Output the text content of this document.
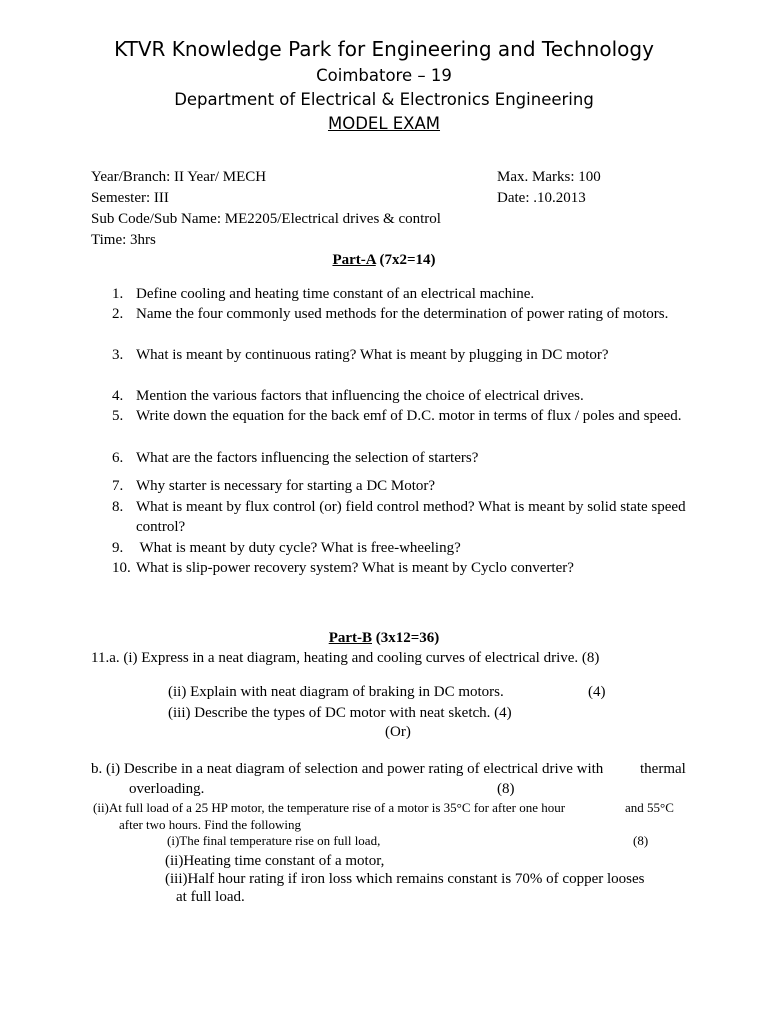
KTVR Knowledge Park for Engineering and Technology
Coimbatore – 19
Department of Electrical & Electronics Engineering
MODEL EXAM
Year/Branch: II Year/ MECH
Semester: III
Sub Code/Sub Name: ME2205/Electrical drives & control
Time: 3hrs
Max. Marks: 100
Date: .10.2013
Part-A (7x2=14)
1. Define cooling and heating time constant of an electrical machine.
2. Name the four commonly used methods for the determination of power rating of motors.
3. What is meant by continuous rating? What is meant by plugging in DC motor?
4. Mention the various factors that influencing the choice of electrical drives.
5. Write down the equation for the back emf of D.C. motor in terms of flux / poles and speed.
6. What are the factors influencing the selection of starters?
7. Why starter is necessary for starting a DC Motor?
8. What is meant by flux control (or) field control method? What is meant by solid state speed
control?
9. What is meant by duty cycle? What is free-wheeling?
10. What is slip-power recovery system? What is meant by Cyclo converter?
Part-B (3x12=36)
11.a. (i) Express in a neat diagram, heating and cooling curves of electrical drive. (8)
(ii) Explain with neat diagram of braking in DC motors.	(4)
(iii) Describe the types of DC motor with neat sketch. (4)
(Or)
b. (i) Describe in a neat diagram of selection and power rating of electrical drive with thermal
overloading.	(8)
(ii)At full load of a 25 HP motor, the temperature rise of a motor is 35°C for after one hour	and 55°C
after two hours. Find the following
(i)The final temperature rise on full load,	(8)
(ii)Heating time constant of a motor,
(iii)Half hour rating if iron loss which remains constant is 70% of copper looses
at full load.
